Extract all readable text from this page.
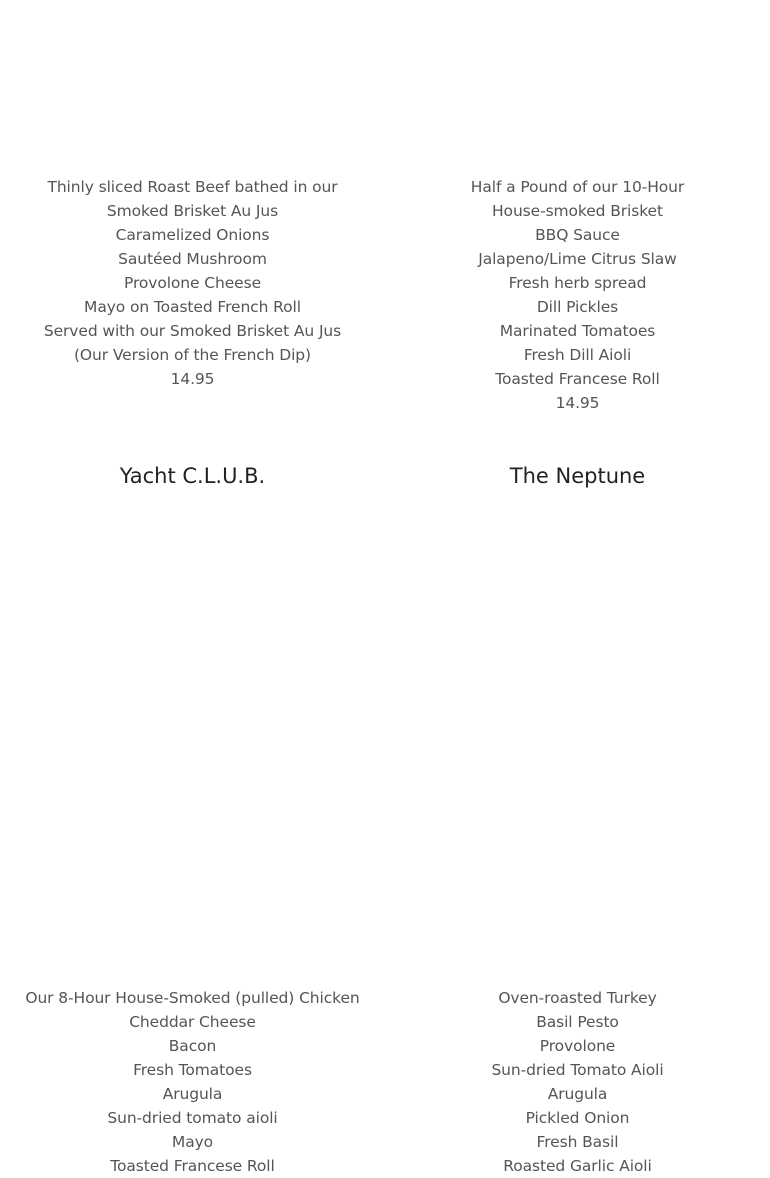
Thinly sliced Roast Beef bathed in our
Smoked Brisket Au Jus
Caramelized Onions
Sautéed Mushroom
Provolone Cheese
Mayo on Toasted French Roll
Served with our Smoked Brisket Au Jus
(Our Version of the French Dip)
14.95
Half a Pound of our 10-Hour
House-smoked Brisket
BBQ Sauce
Jalapeno/Lime Citrus Slaw
Fresh herb spread
Dill Pickles
Marinated Tomatoes
Fresh Dill Aioli
Toasted Francese Roll
14.95
Yacht C.L.U.B.	The Neptune
Our 8-Hour House-Smoked (pulled) Chicken
Cheddar Cheese
Bacon
Fresh Tomatoes
Arugula
Sun-dried tomato aioli
Mayo
Toasted Francese Roll
Oven-roasted Turkey
Basil Pesto
Provolone
Sun-dried Tomato Aioli
Arugula
Pickled Onion
Fresh Basil
Roasted Garlic Aioli
